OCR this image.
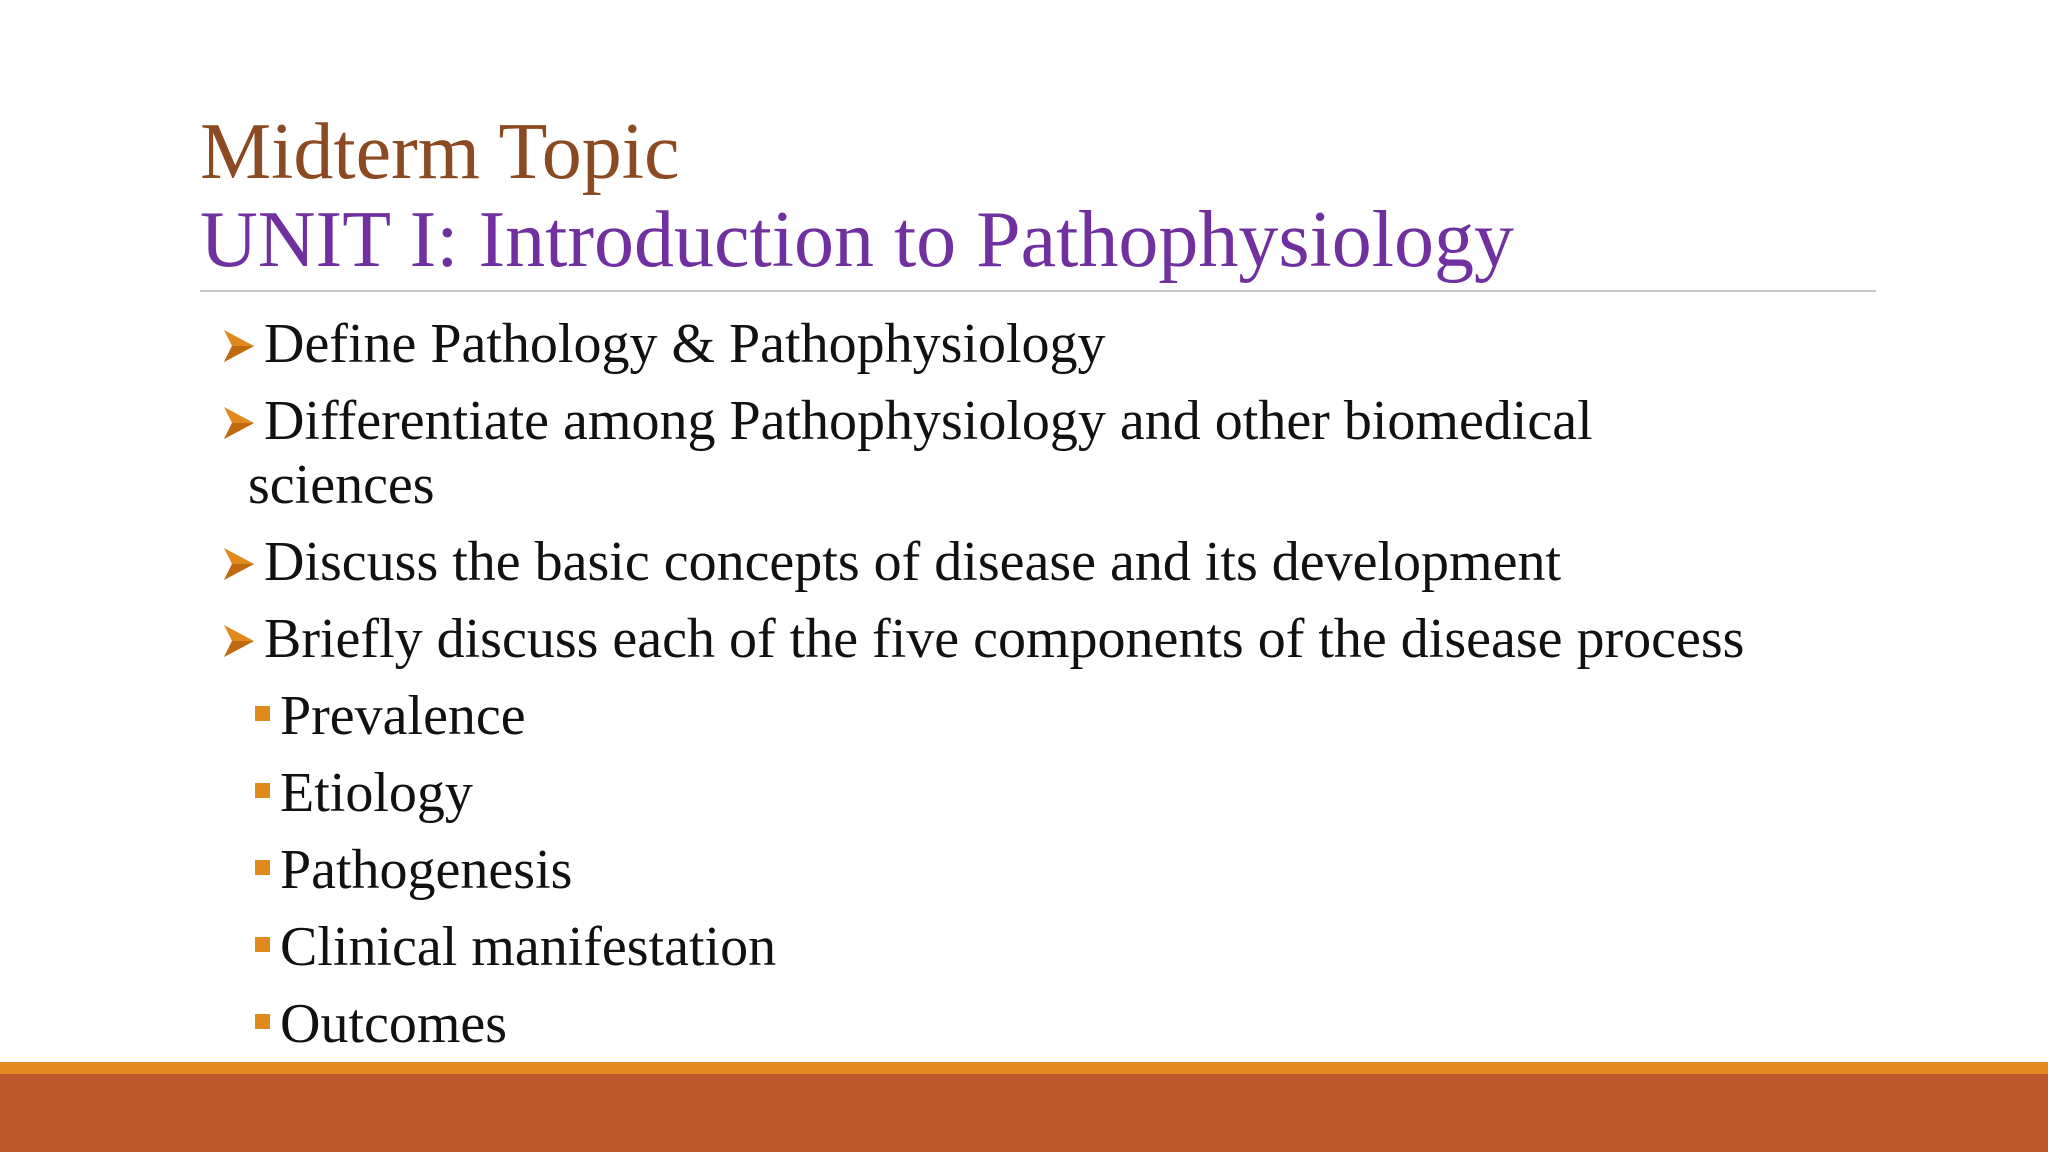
Midterm Topic
UNIT I: Introduction to Pathophysiology
Define Pathology & Pathophysiology
Differentiate among Pathophysiology and other biomedical
sciences
Discuss the basic concepts of disease and its development
Briefly discuss each of the five components of the disease process
Prevalence
Etiology
Pathogenesis
Clinical manifestation
Outcomes
